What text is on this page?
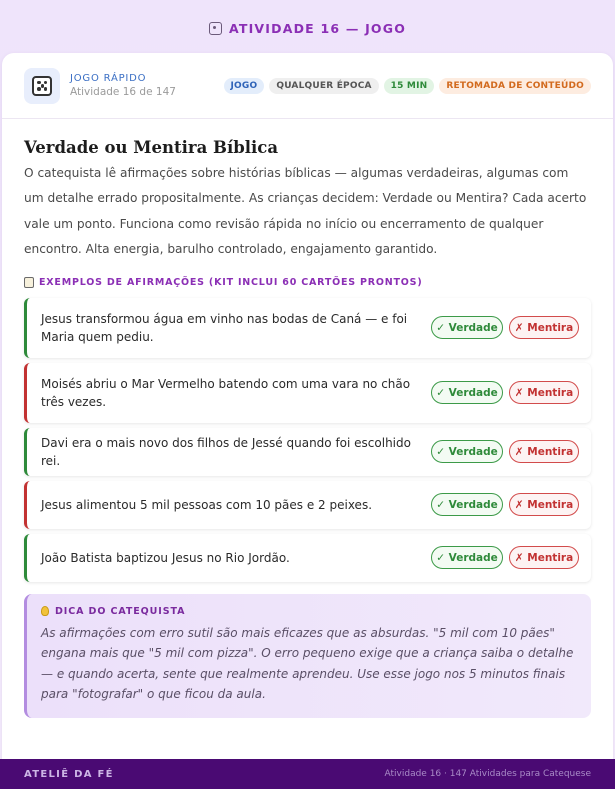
ATIVIDADE 16 — JOGO
JOGO RÁPIDO
Atividade 16 de 147
JOGO	QUALQUER ÉPOCA	15 MIN	RETOMADA DE CONTEÚDO
Verdade ou Mentira Bíblica

O catequista lê afirmações sobre histórias bíblicas — algumas verdadeiras, algumas com um detalhe errado propositalmente. As crianças decidem: Verdade ou Mentira? Cada acerto vale um ponto. Funciona como revisão rápida no início ou encerramento de qualquer encontro. Alta energia, barulho controlado, engajamento garantido.

EXEMPLOS DE AFIRMAÇÕES (KIT INCLUI 60 CARTÕES PRONTOS)
Jesus transformou água em vinho nas bodas de Caná — e foi Maria quem pediu.
✓ Verdade	✗ Mentira
Moisés abriu o Mar Vermelho batendo com uma vara no chão três vezes.
✓ Verdade	✗ Mentira
Davi era o mais novo dos filhos de Jessé quando foi escolhido rei.
✓ Verdade	✗ Mentira
Jesus alimentou 5 mil pessoas com 10 pães e 2 peixes.	✓ Verdade	✗ Mentira
João Batista baptizou Jesus no Rio Jordão.	✓ Verdade	✗ Mentira
DICA DO CATEQUISTA

As afirmações com erro sutil são mais eficazes que as absurdas. "5 mil com 10 pães" engana mais que "5 mil com pizza". O erro pequeno exige que a criança saiba o detalhe — e quando acerta, sente que realmente aprendeu. Use esse jogo nos 5 minutos finais para "fotografar" o que ficou da aula.

ATELIÊ DA FÉ	Atividade 16 · 147 Atividades para Catequese
